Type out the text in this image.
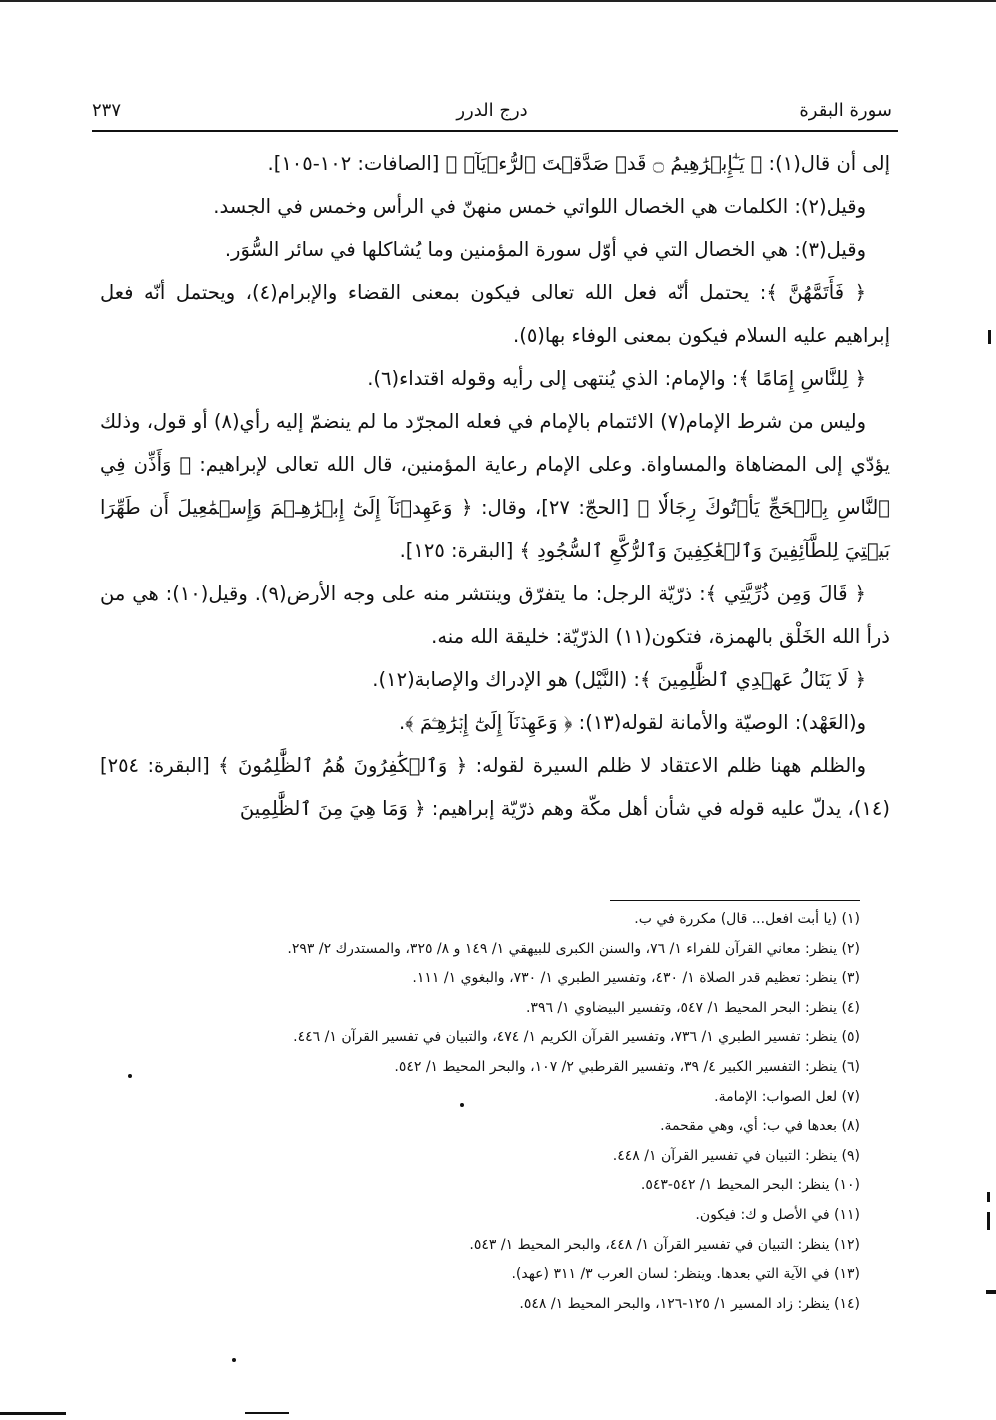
سورة البقرة
درج الدرر
٢٣٧

إلى أن قال(١): ﴿ يَـٰٓإِبۡرَٰهِيمُ ۝ قَدۡ صَدَّقۡتَ ٱلرُّءۡيَآۚ ﴾ [الصافات: ١٠٢-١٠٥].

وقيل(٢): الكلمات هي الخصال اللواتي خمس منهنّ في الرأس وخمس في الجسد.

وقيل(٣): هي الخصال التي في أوّل سورة المؤمنين وما يُشاكلها في سائر السُّوَر.

﴿ فَأَتَمَّهُنَّ ﴾: يحتمل أنّه فعل الله تعالى فيكون بمعنى القضاء والإبرام(٤)، ويحتمل أنّه فعل إبراهيم عليه السلام فيكون بمعنى الوفاء بها(٥).

﴿ لِلنَّاسِ إِمَامًا ﴾: والإمام: الذي يُنتهى إلى رأيه وقوله اقتداء(٦).

وليس من شرط الإمام(٧) الائتمام بالإمام في فعله المجرّد ما لم ينضمّ إليه رأي(٨) أو قول، وذلك يؤدّي إلى المضاهاة والمساواة. وعلى الإمام رعاية المؤمنين، قال الله تعالى لإبراهيم: ﴿ وَأَذِّن فِي ٱلنَّاسِ بِٱلۡحَجِّ يَأۡتُوكَ رِجَالٗا ﴾ [الحجّ: ٢٧]، وقال: ﴿ وَعَهِدۡنَآ إِلَىٰٓ إِبۡرَٰهِـۧمَ وَإِسۡمَٰعِيلَ أَن طَهِّرَا بَيۡتِيَ لِلطَّآئِفِينَ وَٱلۡعَٰكِفِينَ وَٱلرُّكَّعِ ٱلسُّجُودِ ﴾ [البقرة: ١٢٥].

﴿ قَالَ وَمِن ذُرِّيَّتِي ﴾: ذرّيّة الرجل: ما يتفرّق وينتشر منه على وجه الأرض(٩). وقيل(١٠): هي من ذرأ الله الخَلْق بالهمزة، فتكون(١١) الذرّيّة: خليقة الله منه.

﴿ لَا يَنَالُ عَهۡدِي ٱلظَّٰلِمِينَ ﴾: (النَّيْل) هو الإدراك والإصابة(١٢).

و(العَهْد): الوصيّة والأمانة لقوله(١٣): ﴿ وَعَهِدۡنَآ إِلَىٰٓ إِبۡرَٰهِـۧمَ ﴾.

والظلم ههنا ظلم الاعتقاد لا ظلم السيرة لقوله: ﴿ وَٱلۡكَٰفِرُونَ هُمُ ٱلظَّٰلِمُونَ ﴾ [البقرة: ٢٥٤](١٤)، يدلّ عليه قوله في شأن أهل مكّة وهم ذرّيّة إبراهيم: ﴿ وَمَا هِيَ مِنَ ٱلظَّٰلِمِينَ

(١) (يا أبت افعل... قال) مكررة في ب.
(٢) ينظر: معاني القرآن للفراء ١/ ٧٦، والسنن الكبرى للبيهقي ١/ ١٤٩ و ٨/ ٣٢٥، والمستدرك ٢/ ٢٩٣.
(٣) ينظر: تعظيم قدر الصلاة ١/ ٤٣٠، وتفسير الطبري ١/ ٧٣٠، والبغوي ١/ ١١١.
(٤) ينظر: البحر المحيط ١/ ٥٤٧، وتفسير البيضاوي ١/ ٣٩٦.
(٥) ينظر: تفسير الطبري ١/ ٧٣٦، وتفسير القرآن الكريم ١/ ٤٧٤، والتبيان في تفسير القرآن ١/ ٤٤٦.
(٦) ينظر: التفسير الكبير ٤/ ٣٩، وتفسير القرطبي ٢/ ١٠٧، والبحر المحيط ١/ ٥٤٢.
(٧) لعل الصواب: الإمامة.
(٨) بعدها في ب: أي، وهي مقحمة.
(٩) ينظر: التبيان في تفسير القرآن ١/ ٤٤٨.
(١٠) ينظر: البحر المحيط ١/ ٥٤٢-٥٤٣.
(١١) في الأصل و ك: فيكون.
(١٢) ينظر: التبيان في تفسير القرآن ١/ ٤٤٨، والبحر المحيط ١/ ٥٤٣.
(١٣) في الآية التي بعدها. وينظر: لسان العرب ٣/ ٣١١ (عهد).
(١٤) ينظر: زاد المسير ١/ ١٢٥-١٢٦، والبحر المحيط ١/ ٥٤٨.
